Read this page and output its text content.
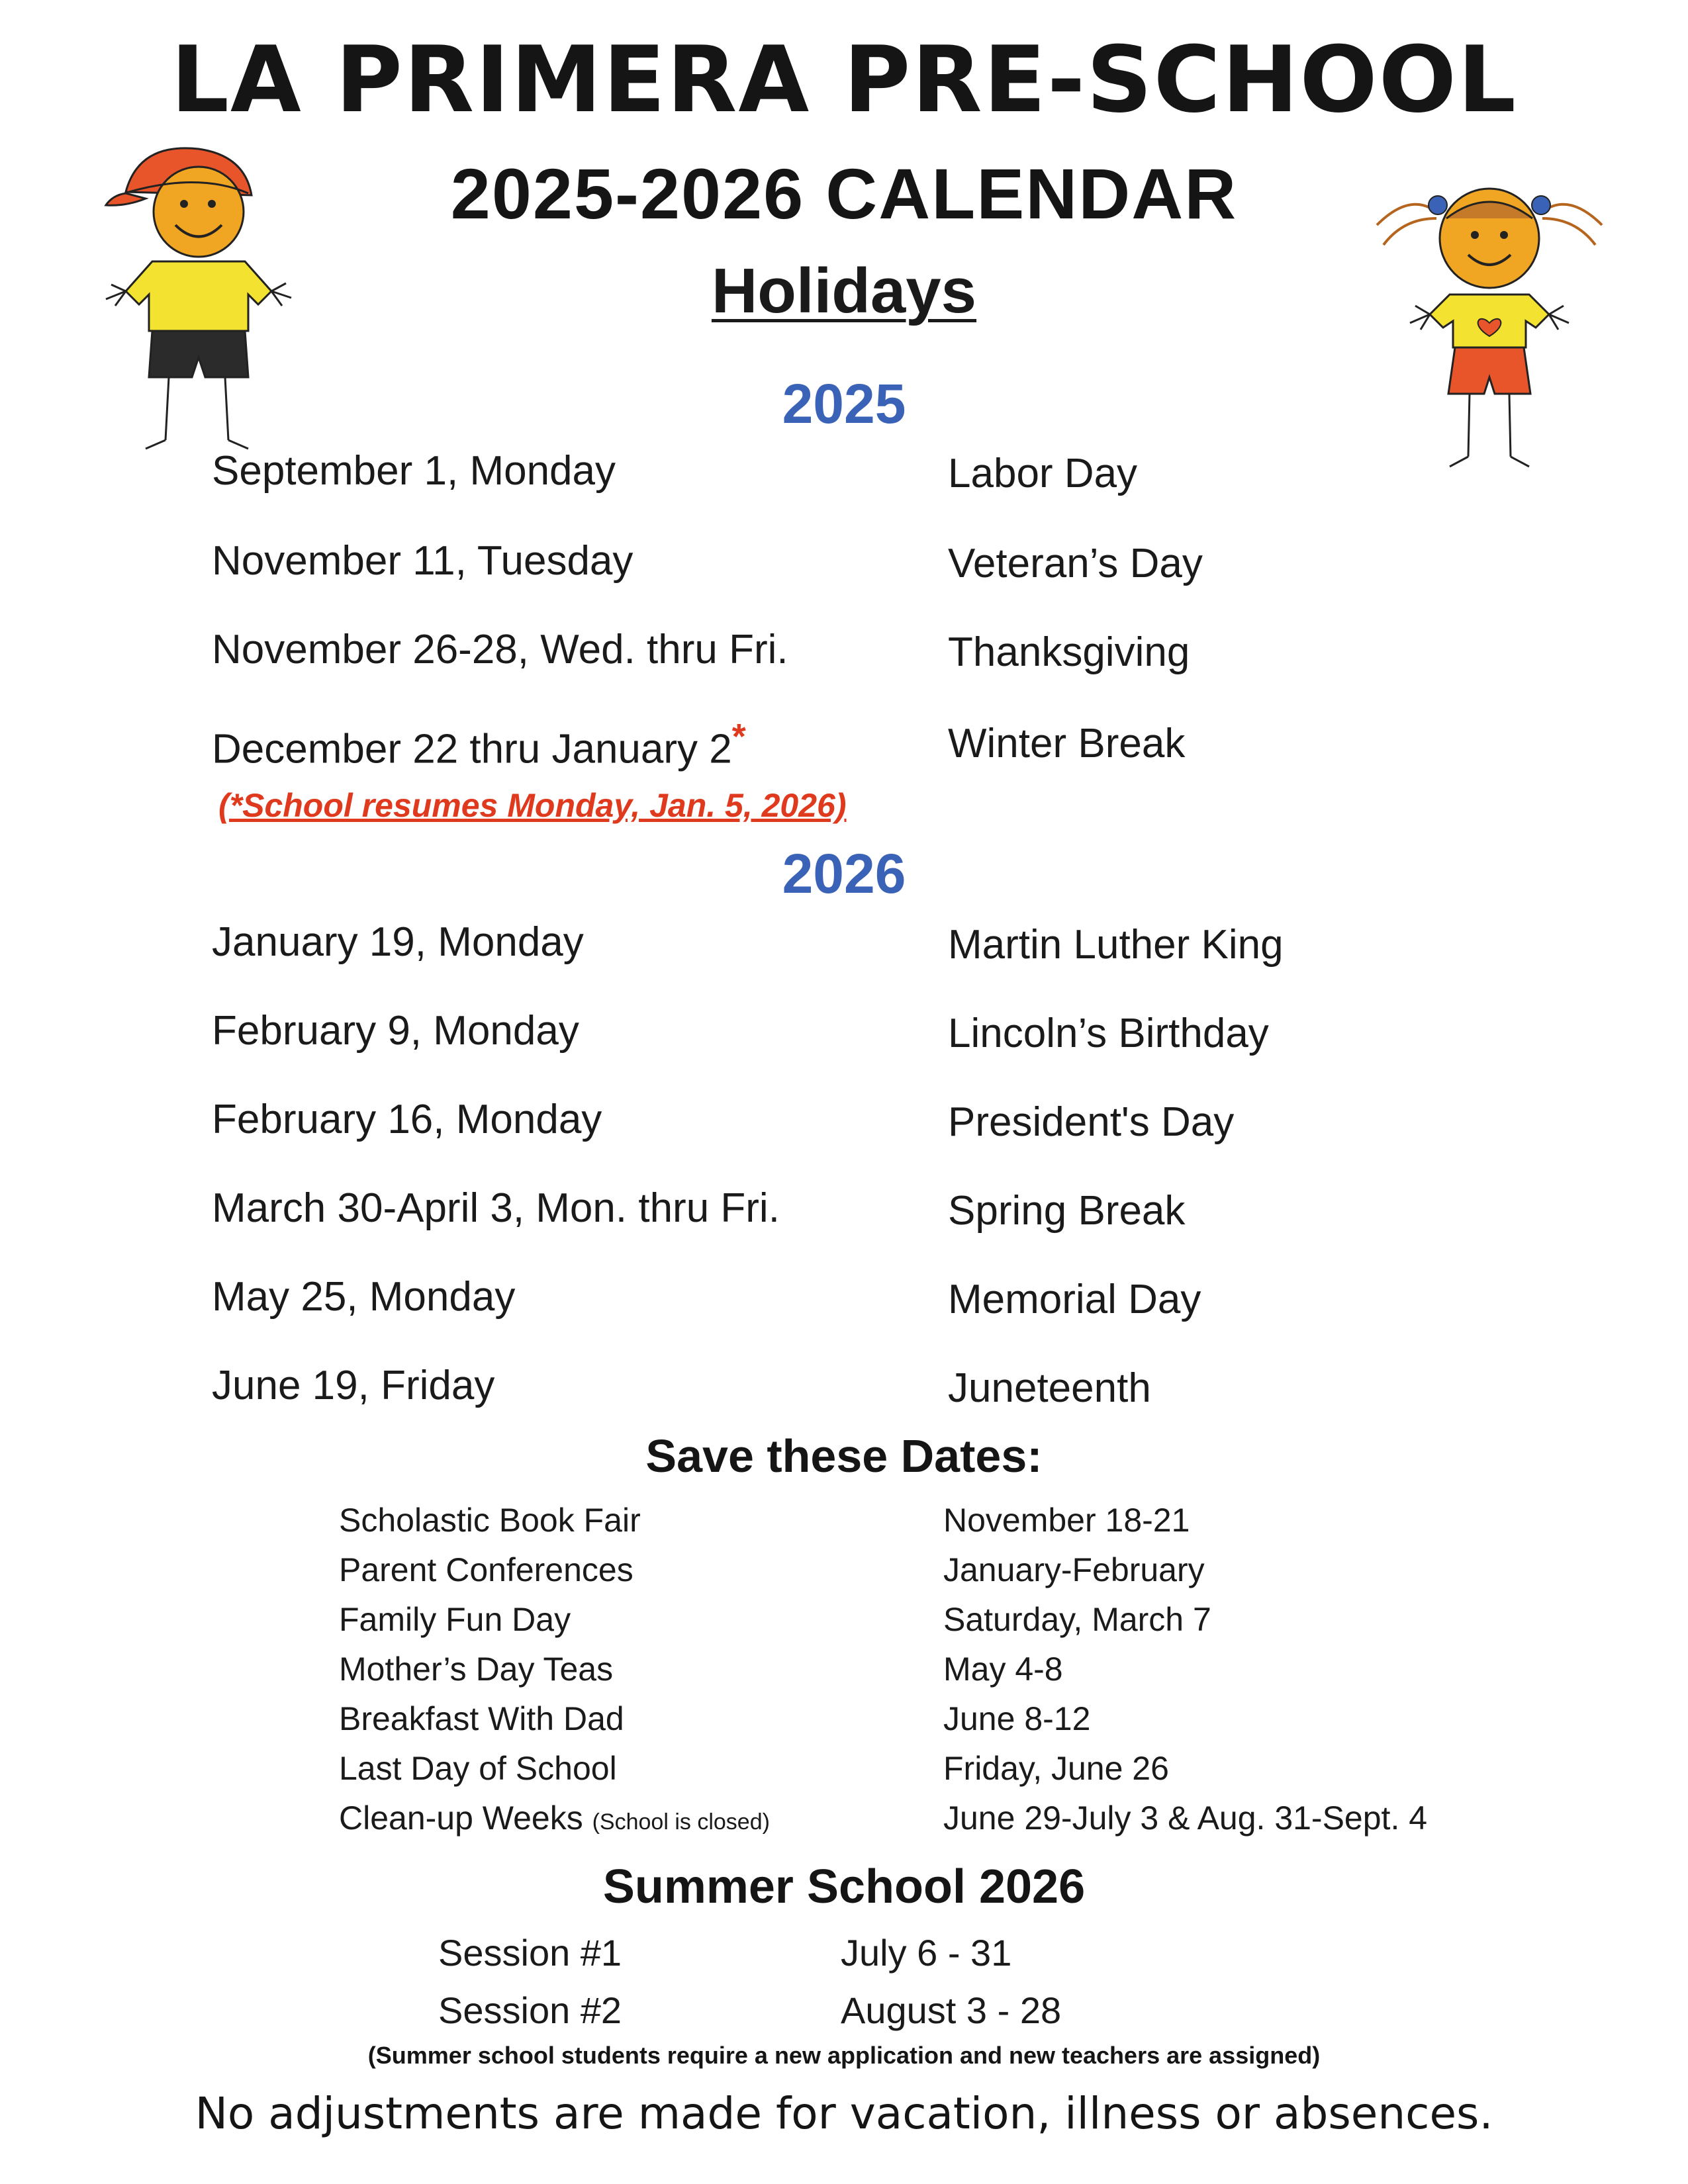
LA PRIMERA PRE-SCHOOL
2025-2026 CALENDAR
Holidays
2025
September 1, Monday	Labor Day
November 11, Tuesday	Veteran’s Day
November 26-28, Wed. thru Fri.	Thanksgiving
December 22 thru January 2*	Winter Break
(*School resumes Monday, Jan. 5, 2026)
2026
January 19, Monday	Martin Luther King
February 9, Monday	Lincoln’s Birthday
February 16, Monday	President's Day
March 30-April 3, Mon. thru Fri.	Spring Break
May 25, Monday	Memorial Day
June 19, Friday	Juneteenth
Save these Dates:
Scholastic Book Fair	November 18-21
Parent Conferences	January-February
Family Fun Day	Saturday, March 7
Mother’s Day Teas	May 4-8
Breakfast With Dad	June 8-12
Last Day of School	Friday, June 26
Clean-up Weeks (School is closed)	June 29-July 3 & Aug. 31-Sept. 4
Summer School 2026
Session #1	July 6 - 31
Session #2	August 3 - 28
(Summer school students require a new application and new teachers are assigned)
No adjustments are made for vacation, illness or absences.
